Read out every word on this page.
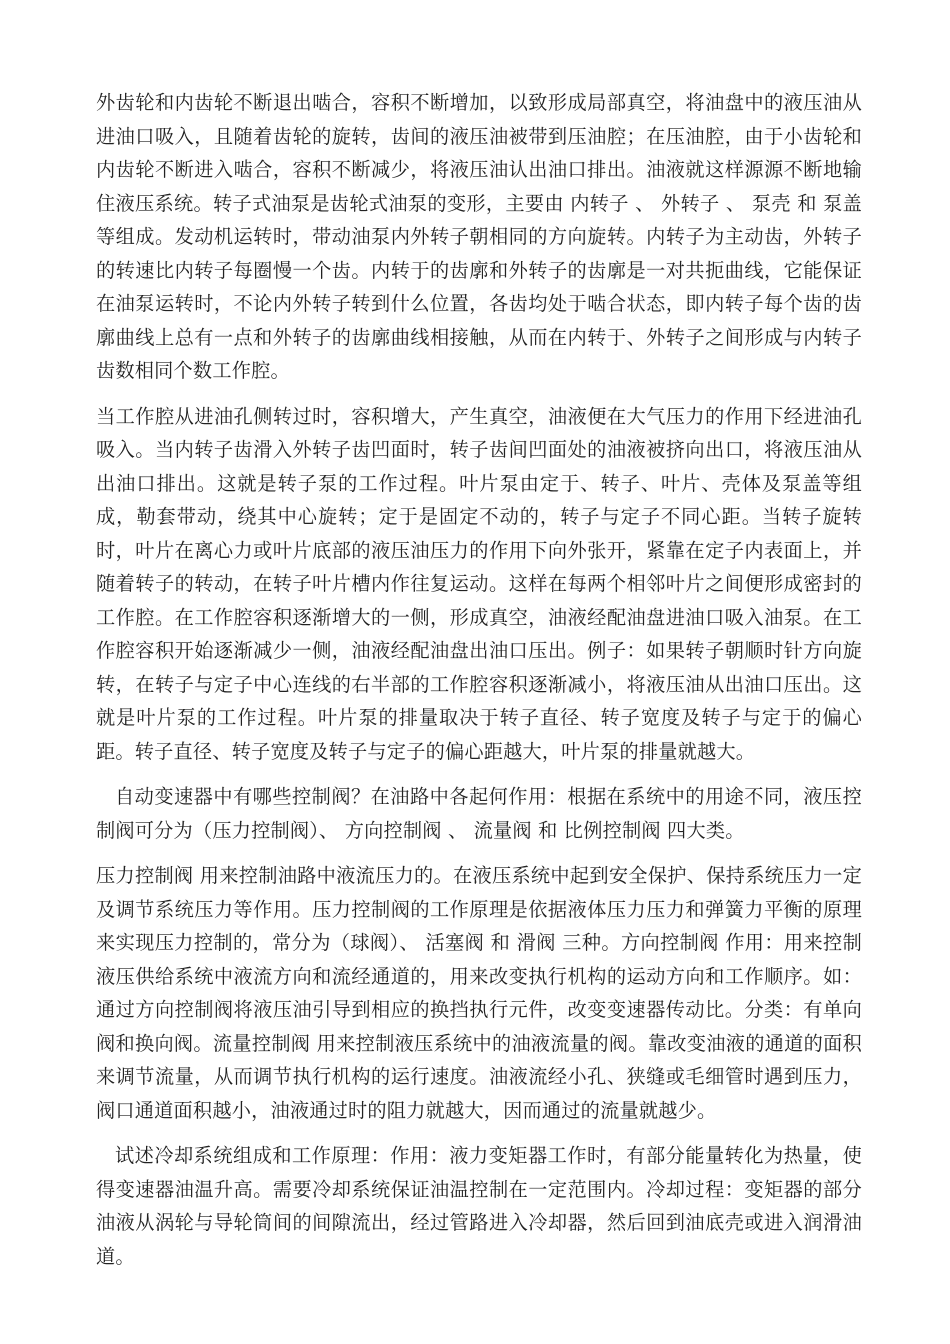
外齿轮和内齿轮不断退出啮合，容积不断增加，以致形成局部真空，将油盘中的液压油从进油口吸入，且随着齿轮的旋转，齿间的液压油被带到压油腔；在压油腔，由于小齿轮和内齿轮不断进入啮合，容积不断减少，将液压油认出油口排出。油液就这样源源不断地输住液压系统。转子式油泵是齿轮式油泵的变形，主要由 内转子 、 外转子 、 泵壳 和 泵盖 等组成。发动机运转时，带动油泵内外转子朝相同的方向旋转。内转子为主动齿，外转子的转速比内转子每圈慢一个齿。内转于的齿廓和外转子的齿廓是一对共扼曲线，它能保证在油泵运转时，不论内外转子转到什么位置，各齿均处于啮合状态，即内转子每个齿的齿廓曲线上总有一点和外转子的齿廓曲线相接触，从而在内转于、外转子之间形成与内转子齿数相同个数工作腔。

当工作腔从进油孔侧转过时，容积增大，产生真空，油液便在大气压力的作用下经进油孔吸入。当内转子齿滑入外转子齿凹面时，转子齿间凹面处的油液被挤向出口，将液压油从出油口排出。这就是转子泵的工作过程。叶片泵由定于、转子、叶片、壳体及泵盖等组成，勒套带动，绕其中心旋转；定于是固定不动的，转子与定子不同心距。当转子旋转时，叶片在离心力或叶片底部的液压油压力的作用下向外张开，紧靠在定子内表面上，并随着转子的转动，在转子叶片槽内作往复运动。这样在每两个相邻叶片之间便形成密封的工作腔。在工作腔容积逐渐增大的一侧，形成真空，油液经配油盘进油口吸入油泵。在工作腔容积开始逐渐减少一侧，油液经配油盘出油口压出。例子：如果转子朝顺时针方向旋转，在转子与定子中心连线的右半部的工作腔容积逐渐减小，将液压油从出油口压出。这就是叶片泵的工作过程。叶片泵的排量取决于转子直径、转子宽度及转子与定于的偏心距。转子直径、转子宽度及转子与定子的偏心距越大，叶片泵的排量就越大。

自动变速器中有哪些控制阀？在油路中各起何作用：根据在系统中的用途不同，液压控制阀可分为（压力控制阀）、 方向控制阀 、 流量阀 和 比例控制阀 四大类。

压力控制阀 用来控制油路中液流压力的。在液压系统中起到安全保护、保持系统压力一定及调节系统压力等作用。压力控制阀的工作原理是依据液体压力压力和弹簧力平衡的原理来实现压力控制的，常分为（球阀）、 活塞阀 和 滑阀 三种。方向控制阀 作用：用来控制液压供给系统中液流方向和流经通道的，用来改变执行机构的运动方向和工作顺序。如：通过方向控制阀将液压油引导到相应的换挡执行元件，改变变速器传动比。分类：有单向阀和换向阀。流量控制阀 用来控制液压系统中的油液流量的阀。靠改变油液的通道的面积来调节流量，从而调节执行机构的运行速度。油液流经小孔、狭缝或毛细管时遇到压力，阀口通道面积越小，油液通过时的阻力就越大，因而通过的流量就越少。

试述冷却系统组成和工作原理：作用：液力变矩器工作时，有部分能量转化为热量，使得变速器油温升高。需要冷却系统保证油温控制在一定范围内。冷却过程：变矩器的部分油液从涡轮与导轮筒间的间隙流出，经过管路进入冷却器，然后回到油底壳或进入润滑油道。
